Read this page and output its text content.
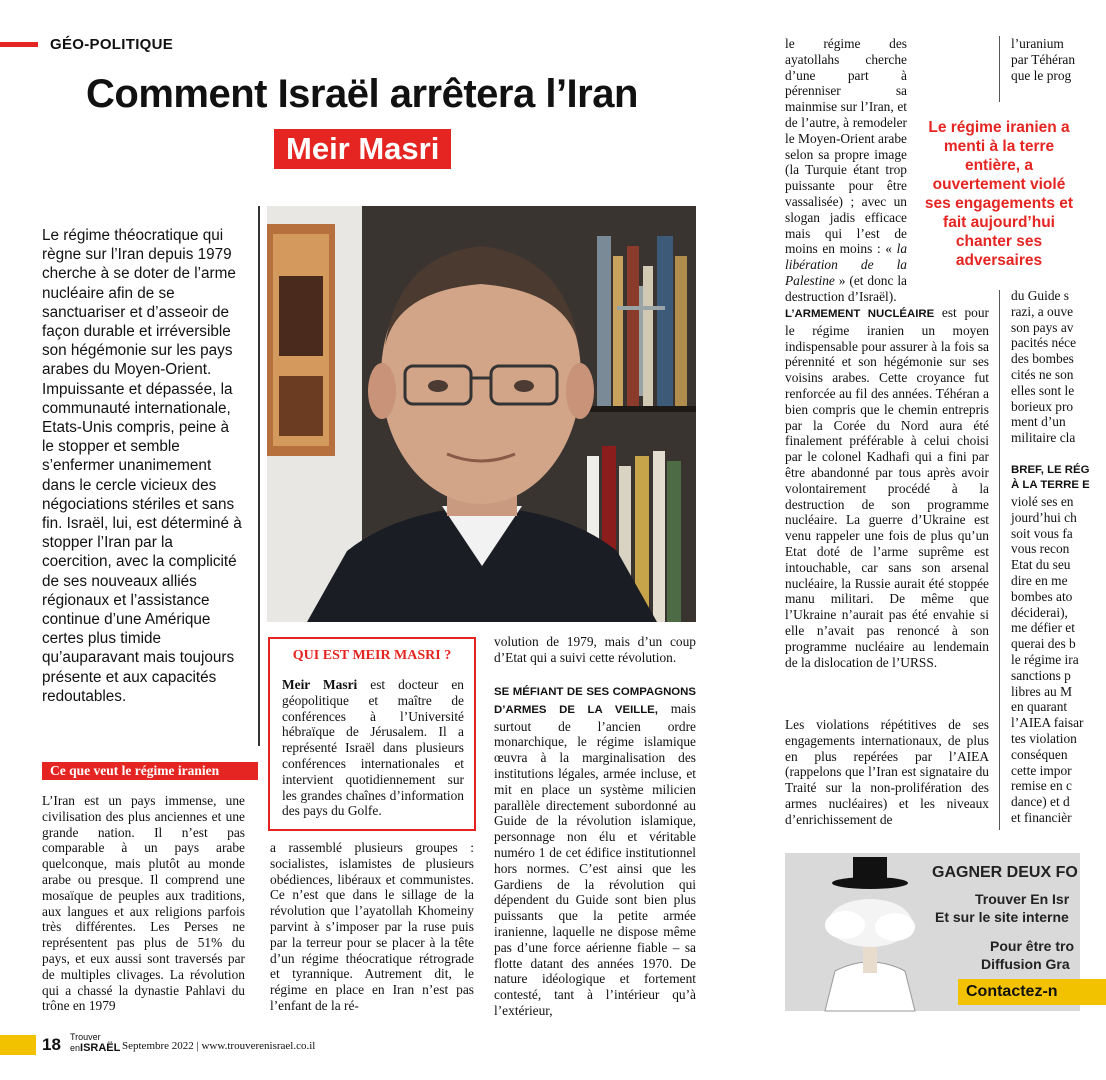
GÉO-POLITIQUE
Comment Israël arrêtera l’Iran
Meir Masri
Le régime théocratique qui règne sur l’Iran depuis 1979 cherche à se doter de l’arme nucléaire afin de se sanctuariser et d’asseoir de façon durable et irréversible son hégémonie sur les pays arabes du Moyen-Orient. Impuissante et dépassée, la communauté internationale, Etats-Unis compris, peine à le stopper et semble s’enfermer unanimement dans le cercle vicieux des négociations stériles et sans fin. Israël, lui, est déterminé à stopper l’Iran par la coercition, avec la complicité de ses nouveaux alliés régionaux et l’assistance continue d’une Amérique certes plus timide qu’auparavant mais toujours présente et aux capacités redoutables.
Ce que veut le régime iranien
L’Iran est un pays immense, une civilisation des plus anciennes et une grande nation. Il n’est pas comparable à un pays arabe quelconque, mais plutôt au monde arabe ou presque. Il comprend une mosaïque de peuples aux traditions, aux langues et aux religions parfois très différentes. Les Perses ne représentent pas plus de 51% du pays, et eux aussi sont traversés par de multiples clivages. La révolution qui a chassé la dynastie Pahlavi du trône en 1979
QUI EST MEIR MASRI ?
Meir Masri est docteur en géopolitique et maître de conférences à l’Université hébraïque de Jérusalem. Il a représenté Israël dans plusieurs conférences internationales et intervient quotidiennement sur les grandes chaînes d’information des pays du Golfe.
a rassemblé plusieurs groupes : socialistes, islamistes de plusieurs obédiences, libéraux et communistes. Ce n’est que dans le sillage de la révolution que l’ayatollah Khomeiny parvint à s’imposer par la ruse puis par la terreur pour se placer à la tête d’un régime théocratique rétrograde et tyrannique. Autrement dit, le régime en place en Iran n’est pas l’enfant de la ré-
volution de 1979, mais d’un coup d’Etat qui a suivi cette révolution.
SE MÉFIANT DE SES COMPAGNONS D’ARMES DE LA VEILLE, mais surtout de l’ancien ordre monarchique, le régime islamique œuvra à la marginalisation des institutions légales, armée incluse, et mit en place un système milicien parallèle directement subordonné au Guide de la révolution islamique, personnage non élu et véritable numéro 1 de cet édifice institutionnel hors normes. C’est ainsi que les Gardiens de la révolution qui dépendent du Guide sont bien plus puissants que la petite armée iranienne, laquelle ne dispose même pas d’une force aérienne fiable – sa flotte datant des années 1970. De nature idéologique et fortement contesté, tant à l’intérieur qu’à l’extérieur,
le régime des ayatollahs cherche d’une part à pérenniser sa mainmise sur l’Iran, et de l’autre, à remodeler le Moyen-Orient arabe selon sa propre image (la Turquie étant trop puissante pour être vassalisée) ; avec un slogan jadis efficace mais qui l’est de moins en moins : « la libération de la Palestine » (et donc la destruction d’Israël).
Le régime iranien a menti à la terre entière, a ouvertement violé ses engagements et fait aujourd’hui chanter ses adversaires
L’ARMEMENT NUCLÉAIRE est pour le régime iranien un moyen indispensable pour assurer à la fois sa pérennité et son hégémonie sur ses voisins arabes. Cette croyance fut renforcée au fil des années. Téhéran a bien compris que le chemin entrepris par la Corée du Nord aura été finalement préférable à celui choisi par le colonel Kadhafi qui a fini par être abandonné par tous après avoir volontairement procédé à la destruction de son programme nucléaire. La guerre d’Ukraine est venu rappeler une fois de plus qu’un Etat doté de l’arme suprême est intouchable, car sans son arsenal nucléaire, la Russie aurait été stoppée manu militari. De même que l’Ukraine n’aurait pas été envahie si elle n’avait pas renoncé à son programme nucléaire au lendemain de la dislocation de l’URSS.
Les violations répétitives de ses engagements internationaux, de plus en plus repérées par l’AIEA (rappelons que l’Iran est signataire du Traité sur la non-prolifération des armes nucléaires) et les niveaux d’enrichissement de
l’uranium
par Téhéran
que le prog
du Guide s
razi, a ouve
son pays av
pacités néce
des bombes
cités ne son
elles sont le
borieux pro
ment d’un
militaire cla
BREF, LE RÉG
À LA TERRE E
violé ses en
jourd’hui ch
soit vous fa
vous recon
Etat du seu
dire en me
bombes ato
déciderai),
me défier et
querai des b
le régime ira
sanctions p
libres au M
en quarant
l’AIEA faisar
tes violation
conséquen
cette impor
remise en c
dance) et d
et financièr
GAGNER DEUX FO
Trouver En Isr
Et sur le site interne
Pour être tro
Diffusion Gra
Contactez-n
18 Trouver
enISRAËL Septembre 2022 | www.trouverenisrael.co.il
